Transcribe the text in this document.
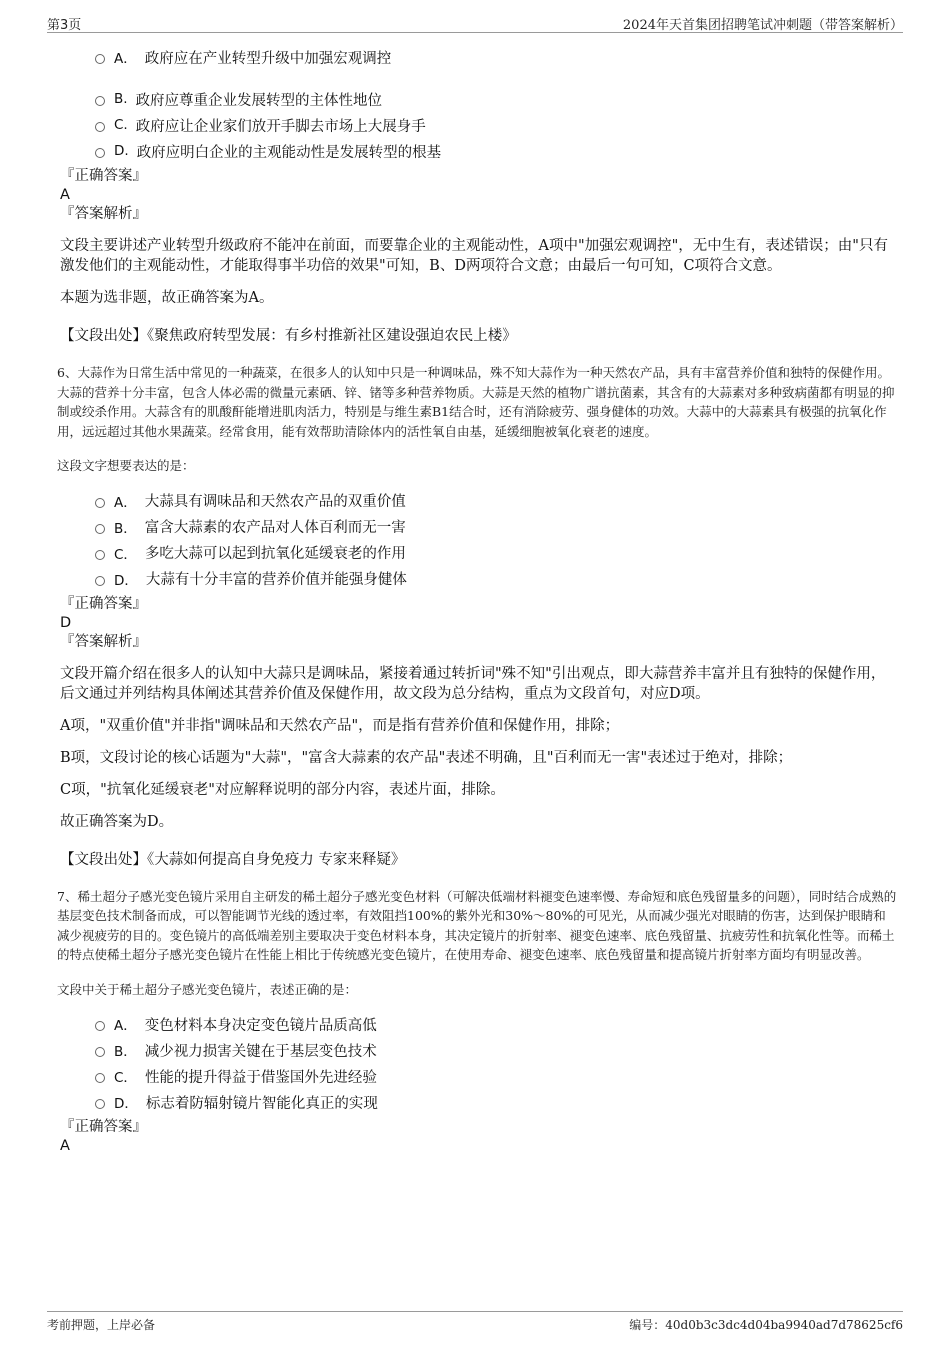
第3页	2024年天首集团招聘笔试冲刺题（带答案解析）
A． 政府应在产业转型升级中加强宏观调控
B. 政府应尊重企业发展转型的主体性地位
C. 政府应让企业家们放开手脚去市场上大展身手
D. 政府应明白企业的主观能动性是发展转型的根基
『正确答案』
A
『答案解析』
文段主要讲述产业转型升级政府不能冲在前面，而要靠企业的主观能动性，A项中"加强宏观调控"，无中生有，表述错误；由"只有激发他们的主观能动性，才能取得事半功倍的效果"可知，B、D两项符合文意；由最后一句可知，C项符合文意。
本题为选非题，故正确答案为A。
【文段出处】《聚焦政府转型发展：有乡村推新社区建设强迫农民上楼》
6、大蒜作为日常生活中常见的一种蔬菜，在很多人的认知中只是一种调味品，殊不知大蒜作为一种天然农产品，具有丰富营养价值和独特的保健作用。大蒜的营养十分丰富，包含人体必需的微量元素硒、锌、锗等多种营养物质。大蒜是天然的植物广谱抗菌素，其含有的大蒜素对多种致病菌都有明显的抑制或绞杀作用。大蒜含有的肌酸酐能增进肌肉活力，特别是与维生素B1结合时，还有消除疲劳、强身健体的功效。大蒜中的大蒜素具有极强的抗氧化作用，远远超过其他水果蔬菜。经常食用，能有效帮助清除体内的活性氧自由基，延缓细胞被氧化衰老的速度。
这段文字想要表达的是：
A． 大蒜具有调味品和天然农产品的双重价值
B． 富含大蒜素的农产品对人体百利而无一害
C． 多吃大蒜可以起到抗氧化延缓衰老的作用
D． 大蒜有十分丰富的营养价值并能强身健体
『正确答案』
D
『答案解析』
文段开篇介绍在很多人的认知中大蒜只是调味品，紧接着通过转折词"殊不知"引出观点，即大蒜营养丰富并且有独特的保健作用，后文通过并列结构具体阐述其营养价值及保健作用，故文段为总分结构，重点为文段首句，对应D项。
A项，"双重价值"并非指"调味品和天然农产品"，而是指有营养价值和保健作用，排除；
B项，文段讨论的核心话题为"大蒜"，"富含大蒜素的农产品"表述不明确，且"百利而无一害"表述过于绝对，排除；
C项，"抗氧化延缓衰老"对应解释说明的部分内容，表述片面，排除。
故正确答案为D。
【文段出处】《大蒜如何提高自身免疫力 专家来释疑》
7、稀土超分子感光变色镜片采用自主研发的稀土超分子感光变色材料（可解决低端材料褪变色速率慢、寿命短和底色残留量多的问题），同时结合成熟的基层变色技术制备而成，可以智能调节光线的透过率，有效阻挡100%的紫外光和30%～80%的可见光，从而减少强光对眼睛的伤害，达到保护眼睛和减少视疲劳的目的。变色镜片的高低端差别主要取决于变色材料本身，其决定镜片的折射率、褪变色速率、底色残留量、抗疲劳性和抗氧化性等。而稀土的特点使稀土超分子感光变色镜片在性能上相比于传统感光变色镜片，在使用寿命、褪变色速率、底色残留量和提高镜片折射率方面均有明显改善。
文段中关于稀土超分子感光变色镜片，表述正确的是：
A． 变色材料本身决定变色镜片品质高低
B． 减少视力损害关键在于基层变色技术
C． 性能的提升得益于借鉴国外先进经验
D． 标志着防辐射镜片智能化真正的实现
『正确答案』
A
考前押题，上岸必备	编号：40d0b3c3dc4d04ba9940ad7d78625cf6
